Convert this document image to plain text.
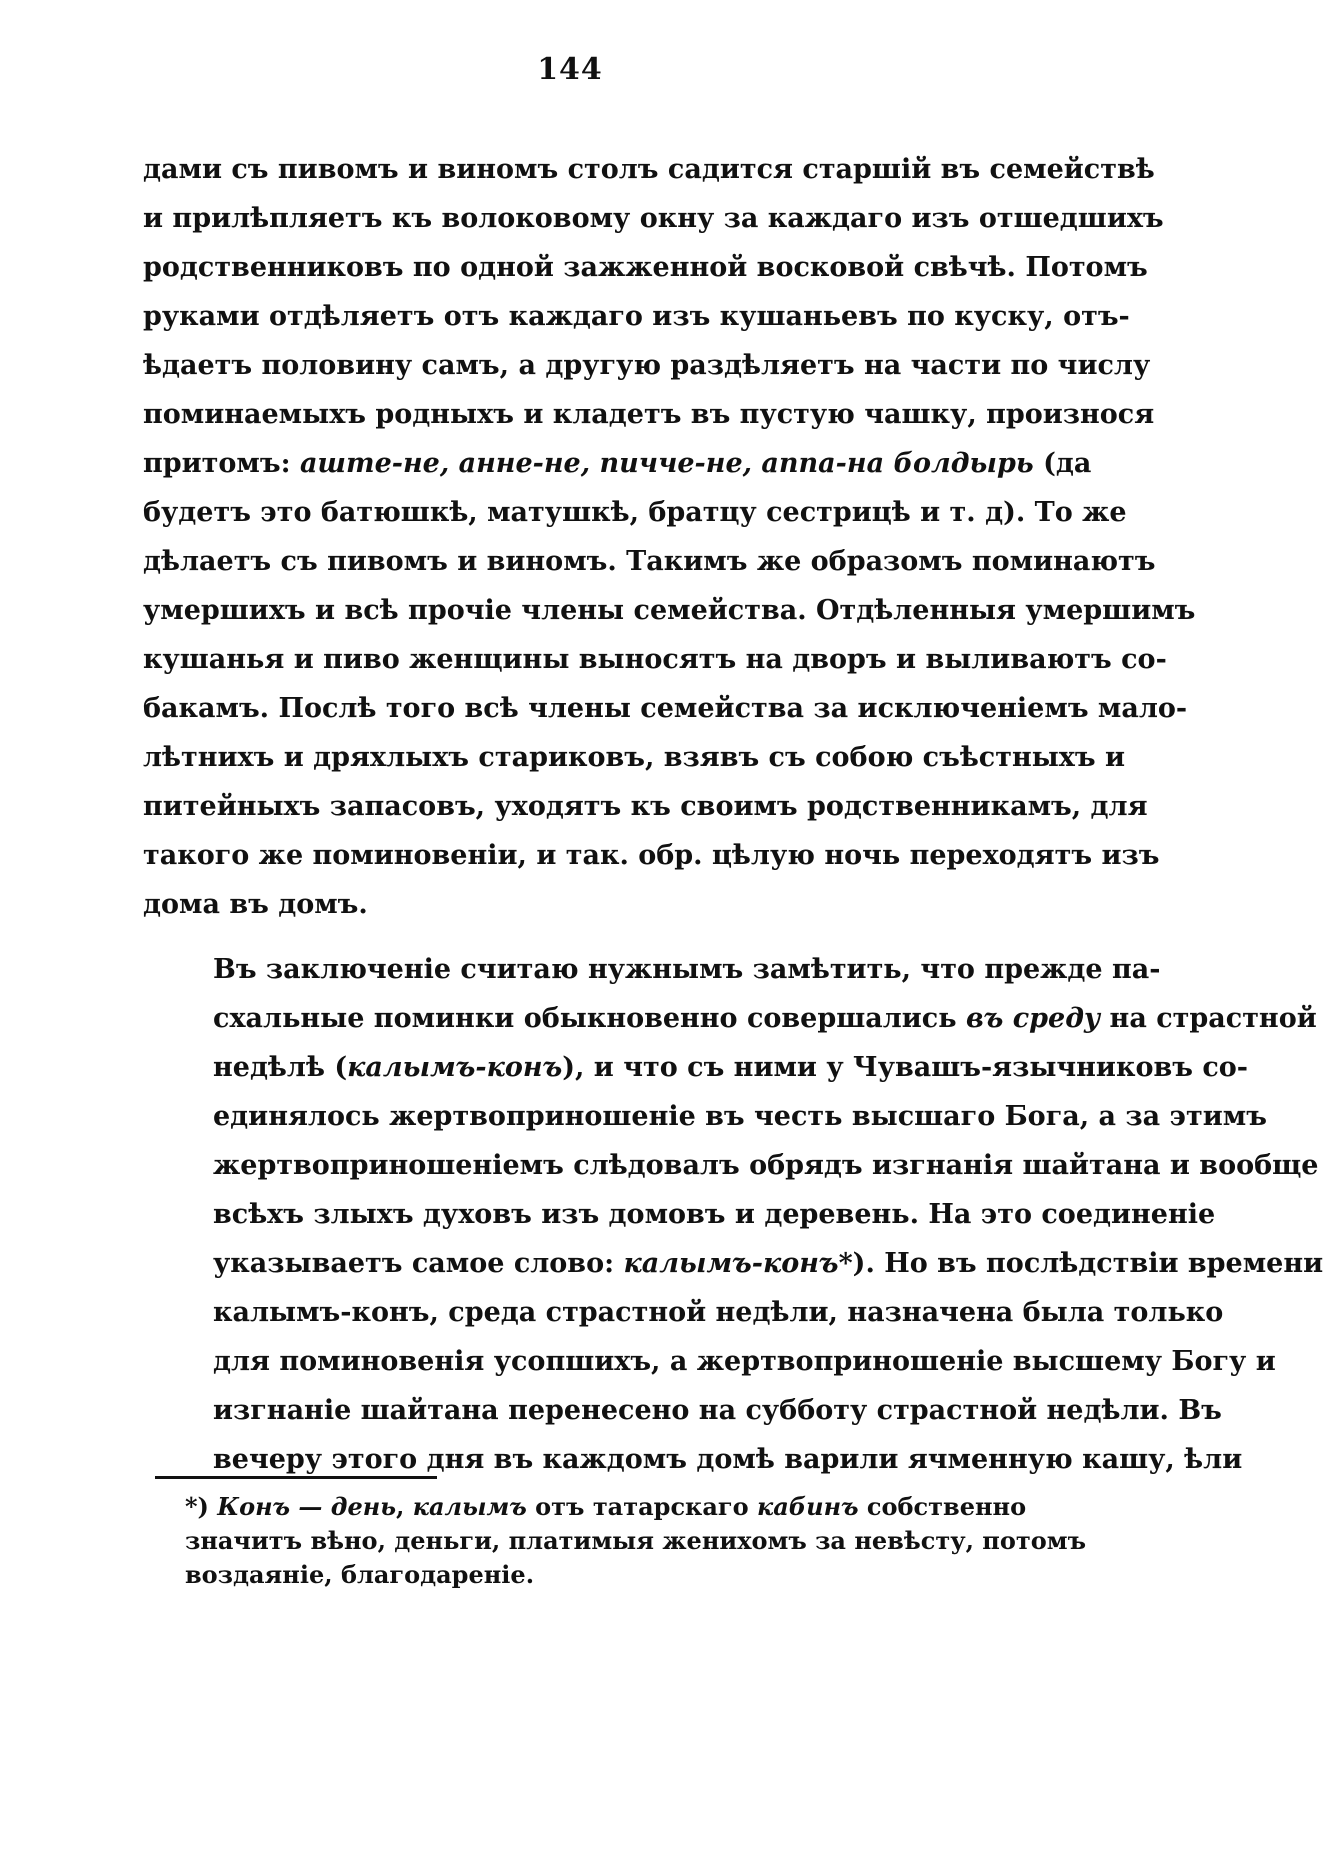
144

дами съ пивомъ и виномъ столъ садится старшій въ семействѣ
и прилѣпляетъ къ волоковому окну за каждаго изъ отшедшихъ
родственниковъ по одной зажженной восковой свѣчѣ. Потомъ
руками отдѣляетъ отъ каждаго изъ кушаньевъ по куску, отъ-
ѣдаетъ половину самъ, а другую раздѣляетъ на части по числу
поминаемыхъ родныхъ и кладетъ въ пустую чашку, произнося
притомъ: аште-не, анне-не, пичче-не, аппа-на болдырь (да
будетъ это батюшкѣ, матушкѣ, братцу сестрицѣ и т. д). То же
дѣлаетъ съ пивомъ и виномъ. Такимъ же образомъ поминаютъ
умершихъ и всѣ прочіе члены семейства. Отдѣленныя умершимъ
кушанья и пиво женщины выносятъ на дворъ и выливаютъ со-
бакамъ. Послѣ того всѣ члены семейства за исключеніемъ мало-
лѣтнихъ и дряхлыхъ стариковъ, взявъ съ собою съѣстныхъ и
питейныхъ запасовъ, уходятъ къ своимъ родственникамъ, для
такого же поминовеніи, и так. обр. цѣлую ночь переходятъ изъ
дома въ домъ.

Въ заключеніе считаю нужнымъ замѣтить, что прежде па-
схальные поминки обыкновенно совершались въ среду на страстной
недѣлѣ (калымъ-конъ), и что съ ними у Чувашъ-язычниковъ со-
единялось жертвоприношеніе въ честь высшаго Бога, а за этимъ
жертвоприношеніемъ слѣдовалъ обрядъ изгнанія шайтана и вообще
всѣхъ злыхъ духовъ изъ домовъ и деревень. На это соединеніе
указываетъ самое слово: калымъ-конъ*). Но въ послѣдствіи времени
калымъ-конъ, среда страстной недѣли, назначена была только
для поминовенія усопшихъ, а жертвоприношеніе высшему Богу и
изгнаніе шайтана перенесено на субботу страстной недѣли. Въ
вечеру этого дня въ каждомъ домѣ варили ячменную кашу, ѣли

*) Конъ — день, калымъ отъ татарскаго кабинъ собственно
значитъ вѣно, деньги, платимыя женихомъ за невѣсту, потомъ
воздаяніе, благодареніе.
